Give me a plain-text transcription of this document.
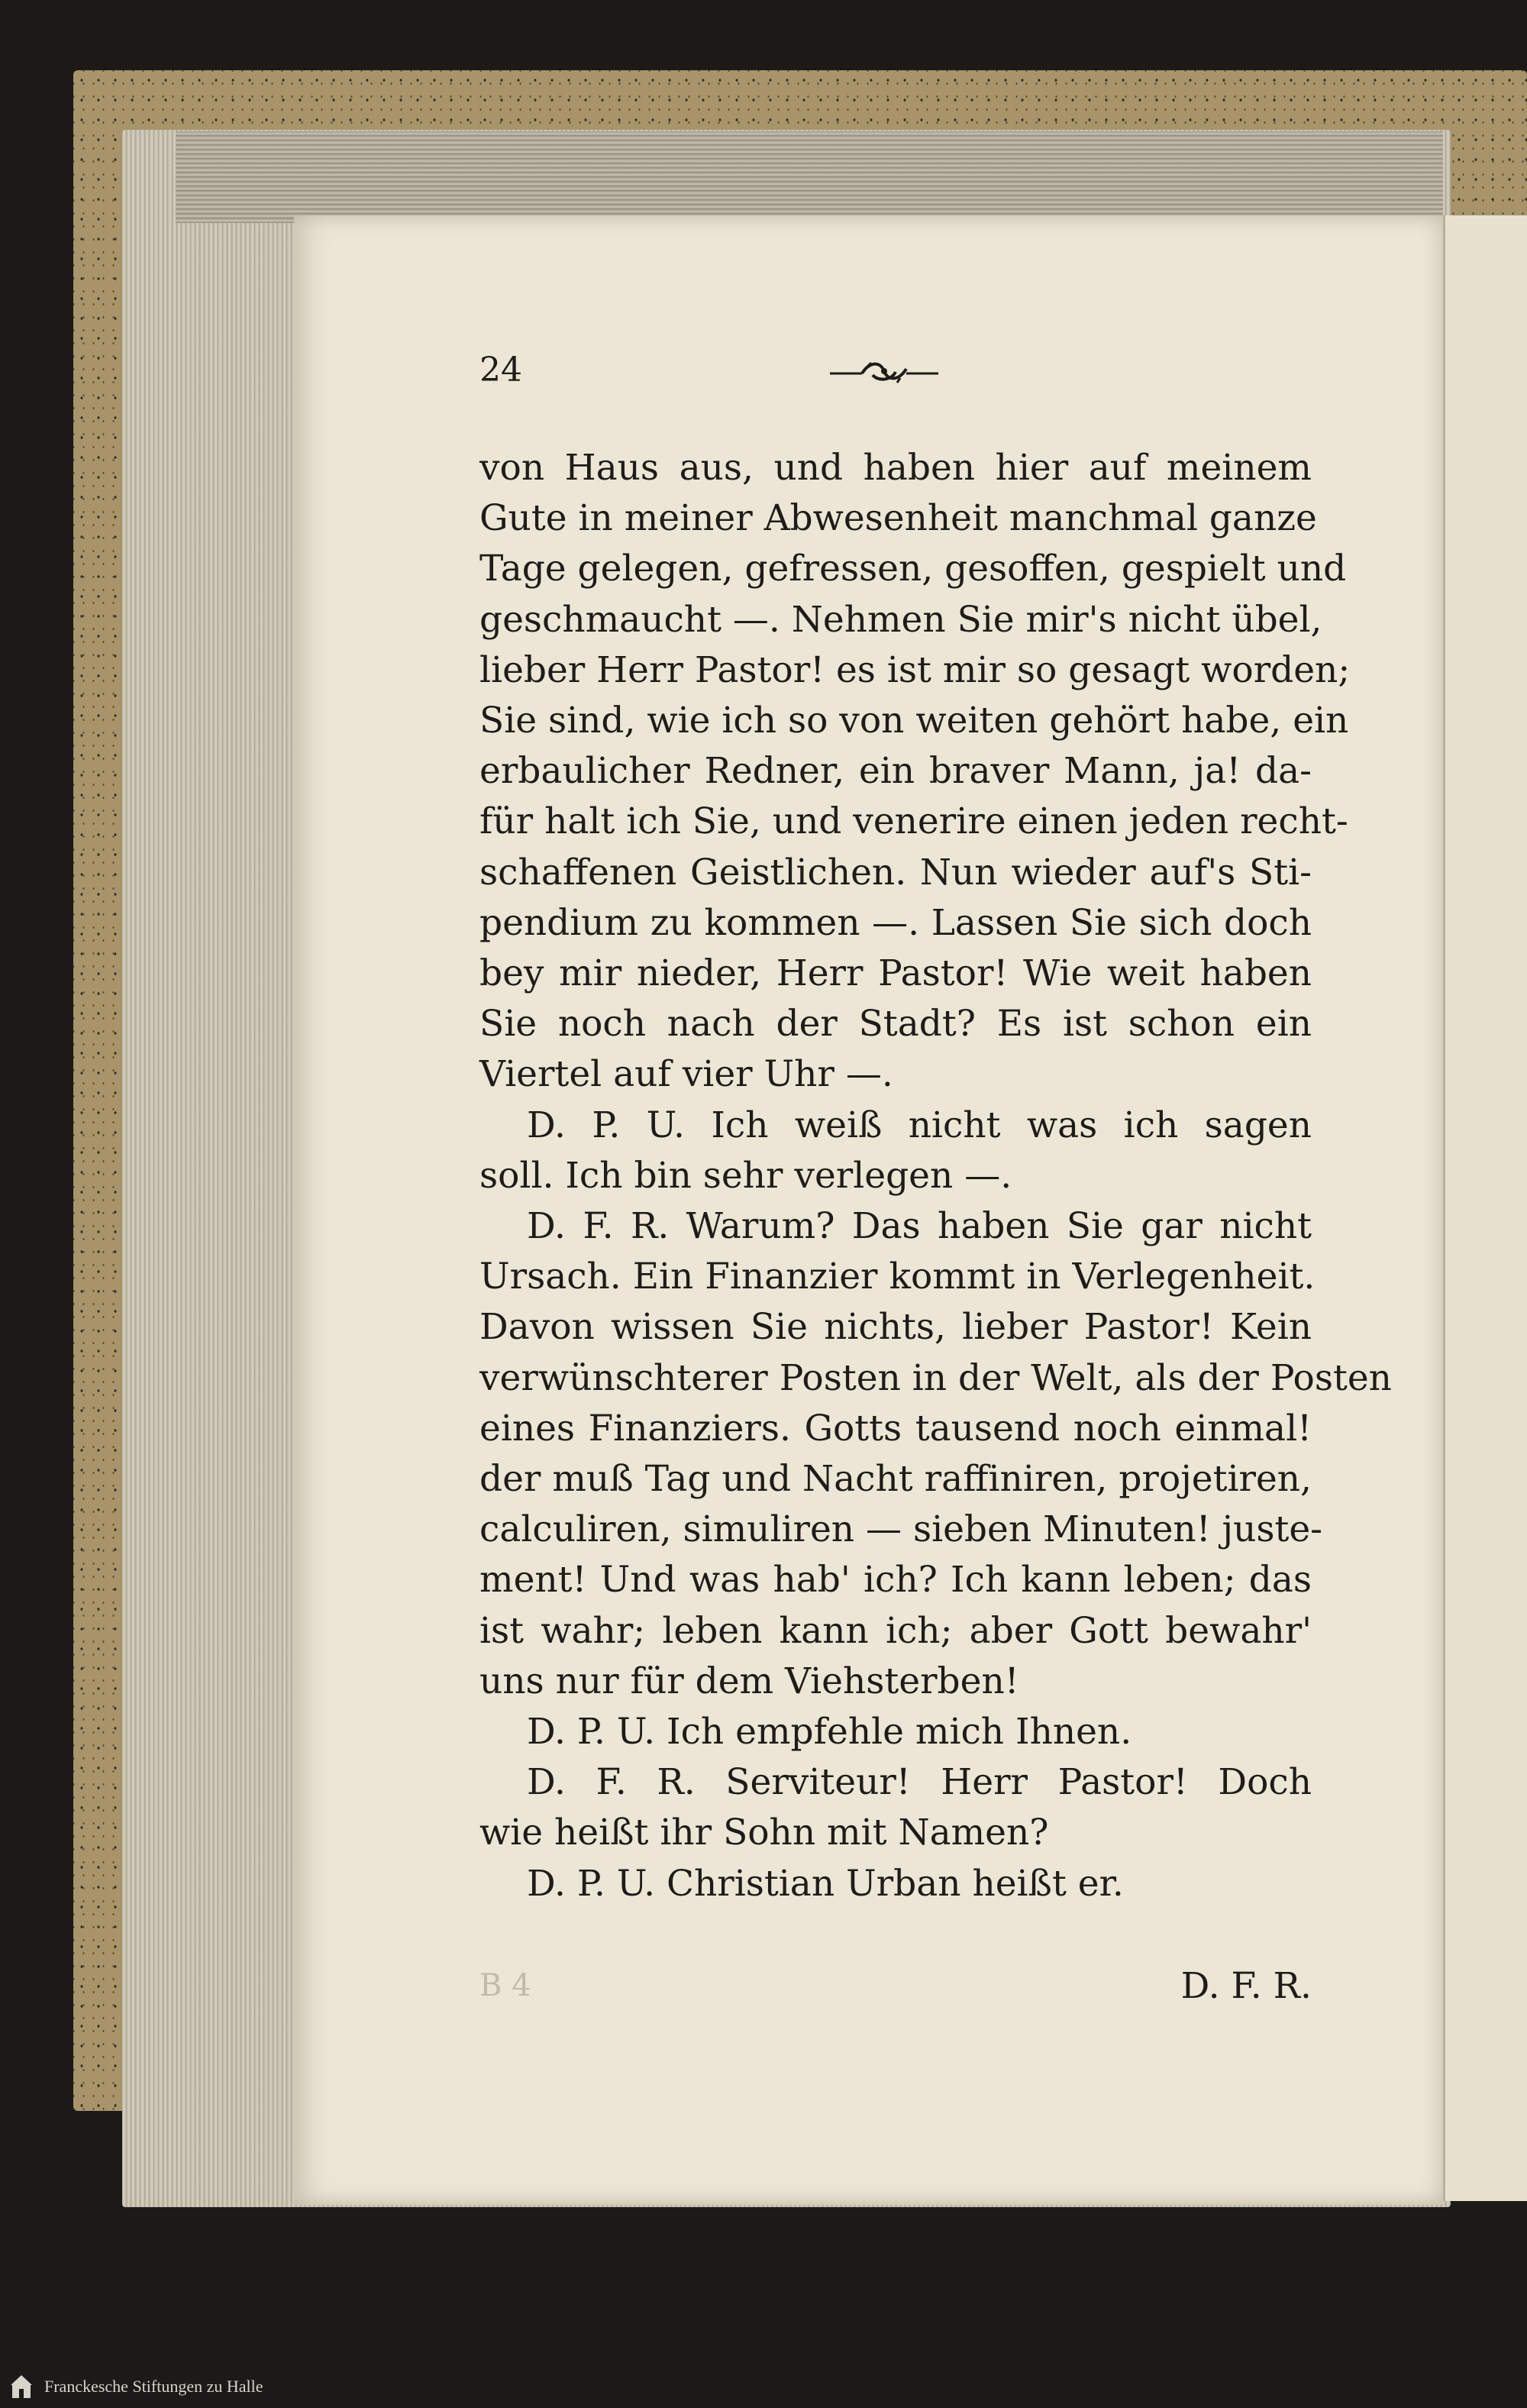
24
von Haus aus, und haben hier auf meinem
Gute in meiner Abwesenheit manchmal ganze
Tage gelegen, gefressen, gesoffen, gespielt und
geschmaucht —. Nehmen Sie mir's nicht übel,
lieber Herr Pastor! es ist mir so gesagt worden;
Sie sind, wie ich so von weiten gehört habe, ein
erbaulicher Redner, ein braver Mann, ja! da-
für halt ich Sie, und venerire einen jeden recht-
schaffenen Geistlichen. Nun wieder auf's Sti-
pendium zu kommen —. Lassen Sie sich doch
bey mir nieder, Herr Pastor! Wie weit haben
Sie noch nach der Stadt? Es ist schon ein
Viertel auf vier Uhr —.
D. P. U. Ich weiß nicht was ich sagen
soll. Ich bin sehr verlegen —.
D. F. R. Warum? Das haben Sie gar nicht
Ursach. Ein Finanzier kommt in Verlegenheit.
Davon wissen Sie nichts, lieber Pastor! Kein
verwünschterer Posten in der Welt, als der Posten
eines Finanziers. Gotts tausend noch einmal!
der muß Tag und Nacht raffiniren, projetiren,
calculiren, simuliren — sieben Minuten! juste-
ment! Und was hab' ich? Ich kann leben; das
ist wahr; leben kann ich; aber Gott bewahr'
uns nur für dem Viehsterben!
D. P. U. Ich empfehle mich Ihnen.
D. F. R. Serviteur! Herr Pastor! Doch
wie heißt ihr Sohn mit Namen?
D. P. U. Christian Urban heißt er.
B 4	D. F. R.
Franckesche Stiftungen zu Halle
